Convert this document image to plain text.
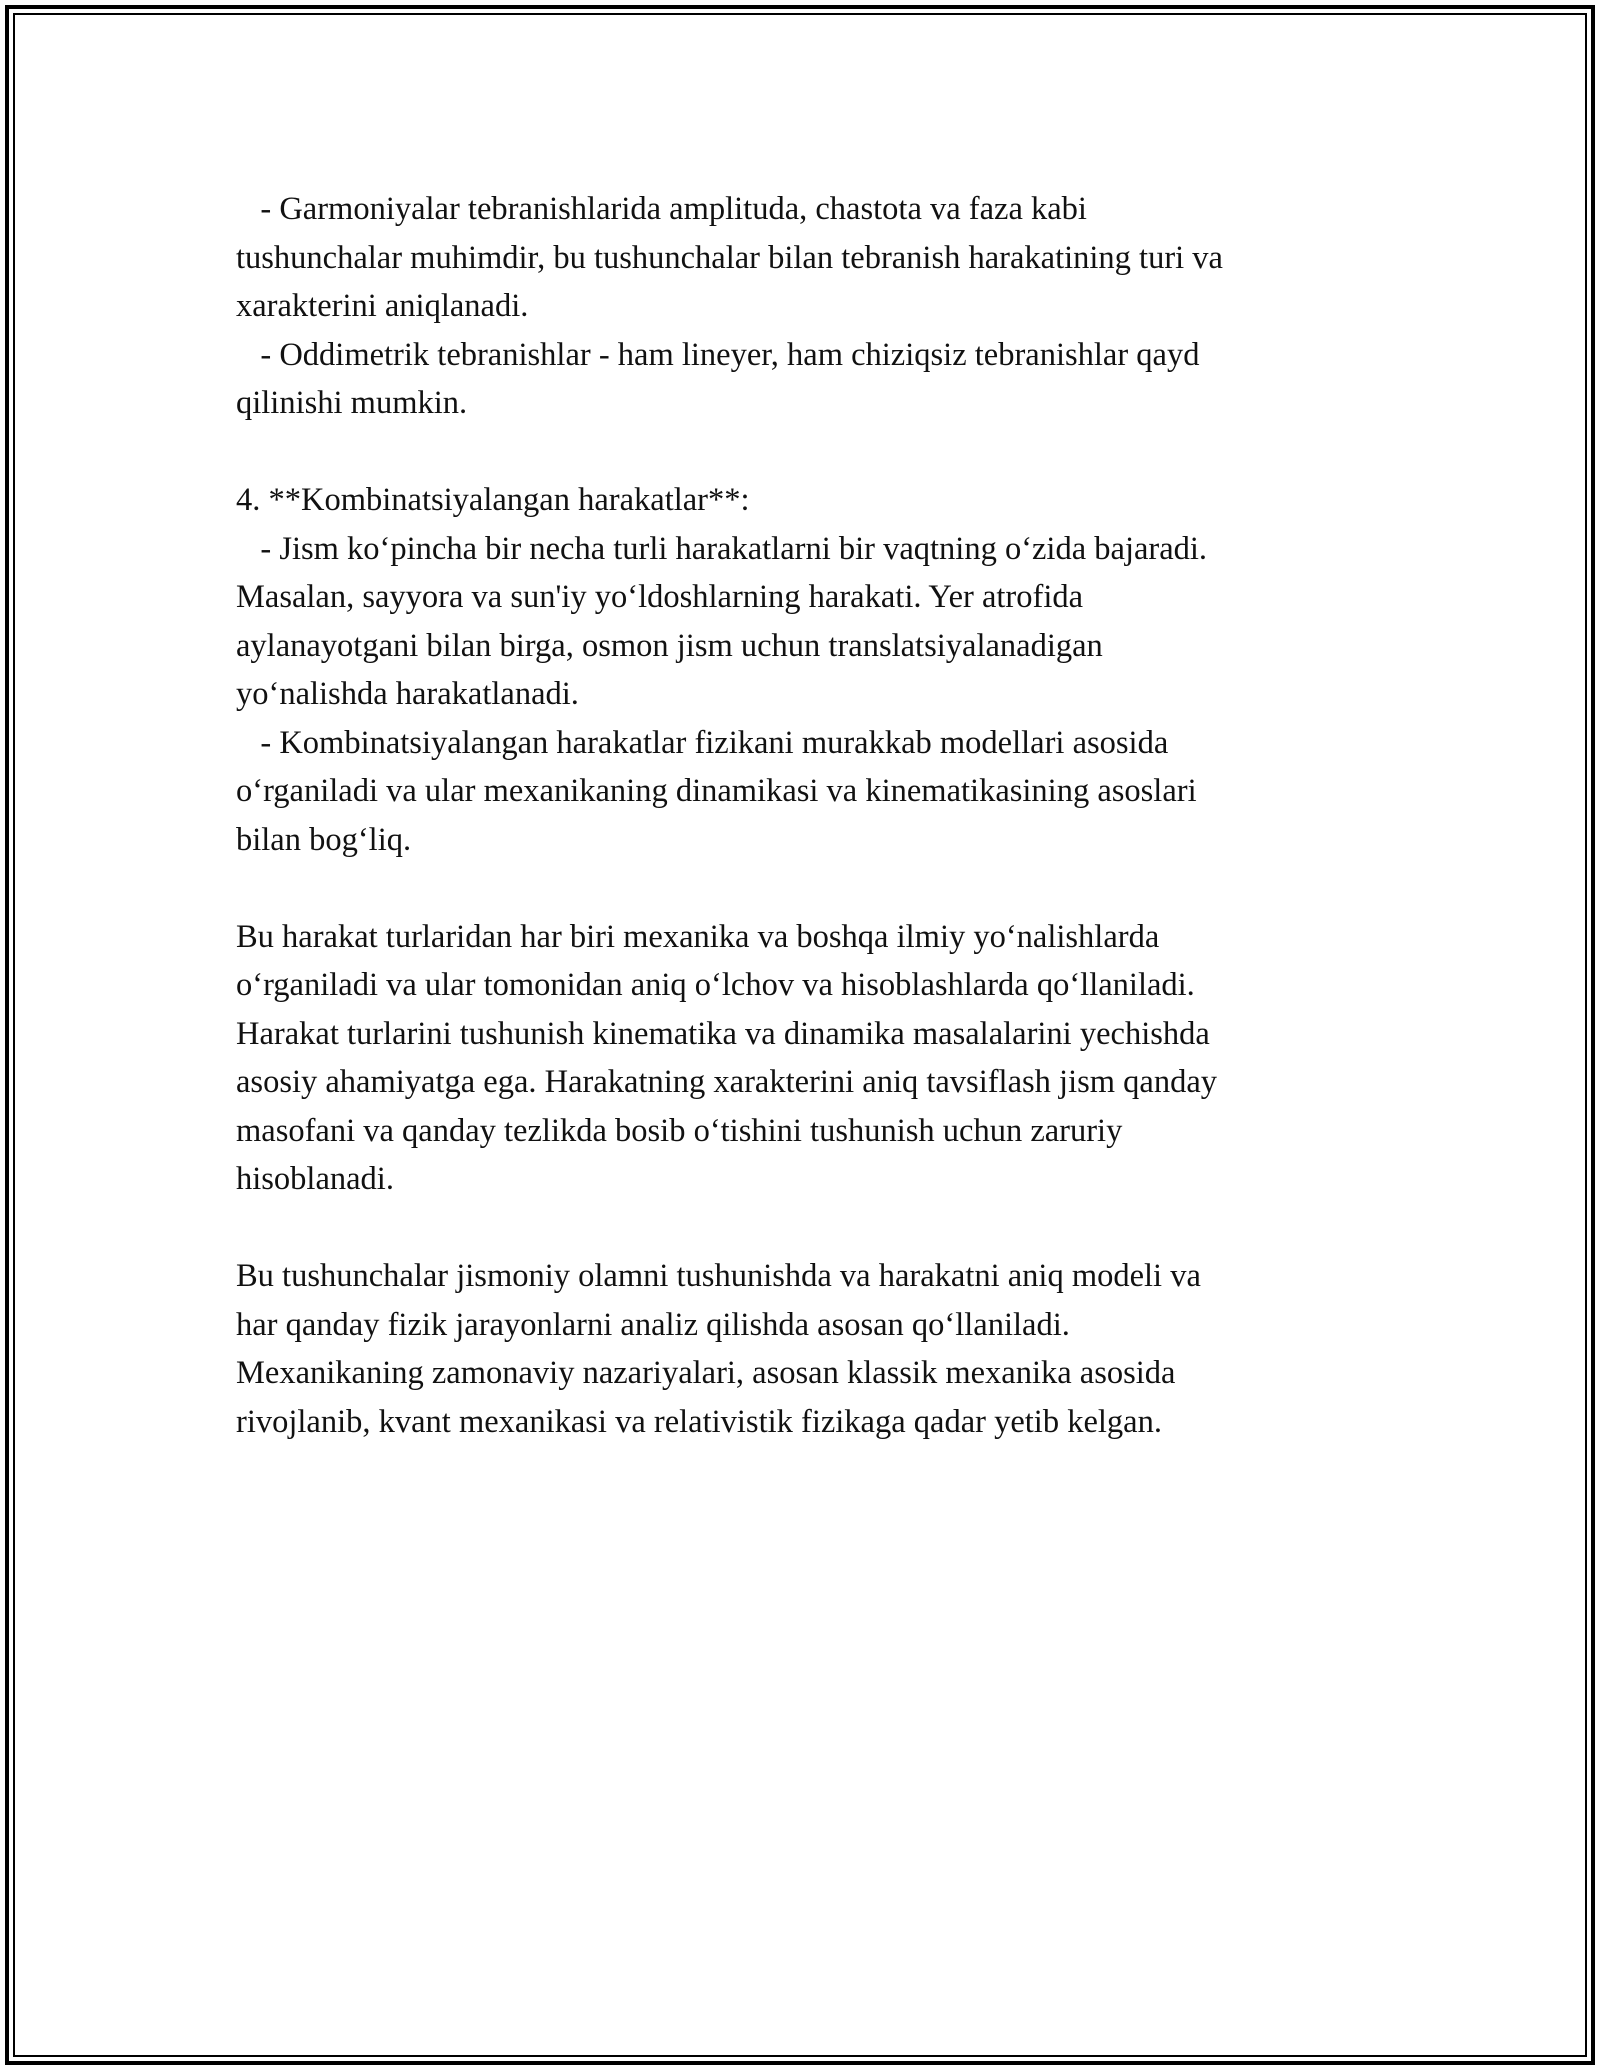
- Garmoniyalar tebranishlarida amplituda, chastota va faza kabi
tushunchalar muhimdir, bu tushunchalar bilan tebranish harakatining turi va
xarakterini aniqlanadi.
- Oddimetrik tebranishlar - ham lineyer, ham chiziqsiz tebranishlar qayd
qilinishi mumkin.
4. **Kombinatsiyalangan harakatlar**:
- Jism ko‘pincha bir necha turli harakatlarni bir vaqtning o‘zida bajaradi.
Masalan, sayyora va sun'iy yo‘ldoshlarning harakati. Yer atrofida
aylanayotgani bilan birga, osmon jism uchun translatsiyalanadigan
yo‘nalishda harakatlanadi.
- Kombinatsiyalangan harakatlar fizikani murakkab modellari asosida
o‘rganiladi va ular mexanikaning dinamikasi va kinematikasining asoslari
bilan bog‘liq.
Bu harakat turlaridan har biri mexanika va boshqa ilmiy yo‘nalishlarda
o‘rganiladi va ular tomonidan aniq o‘lchov va hisoblashlarda qo‘llaniladi.
Harakat turlarini tushunish kinematika va dinamika masalalarini yechishda
asosiy ahamiyatga ega. Harakatning xarakterini aniq tavsiflash jism qanday
masofani va qanday tezlikda bosib o‘tishini tushunish uchun zaruriy
hisoblanadi.
Bu tushunchalar jismoniy olamni tushunishda va harakatni aniq modeli va
har qanday fizik jarayonlarni analiz qilishda asosan qo‘llaniladi.
Mexanikaning zamonaviy nazariyalari, asosan klassik mexanika asosida
rivojlanib, kvant mexanikasi va relativistik fizikaga qadar yetib kelgan.
